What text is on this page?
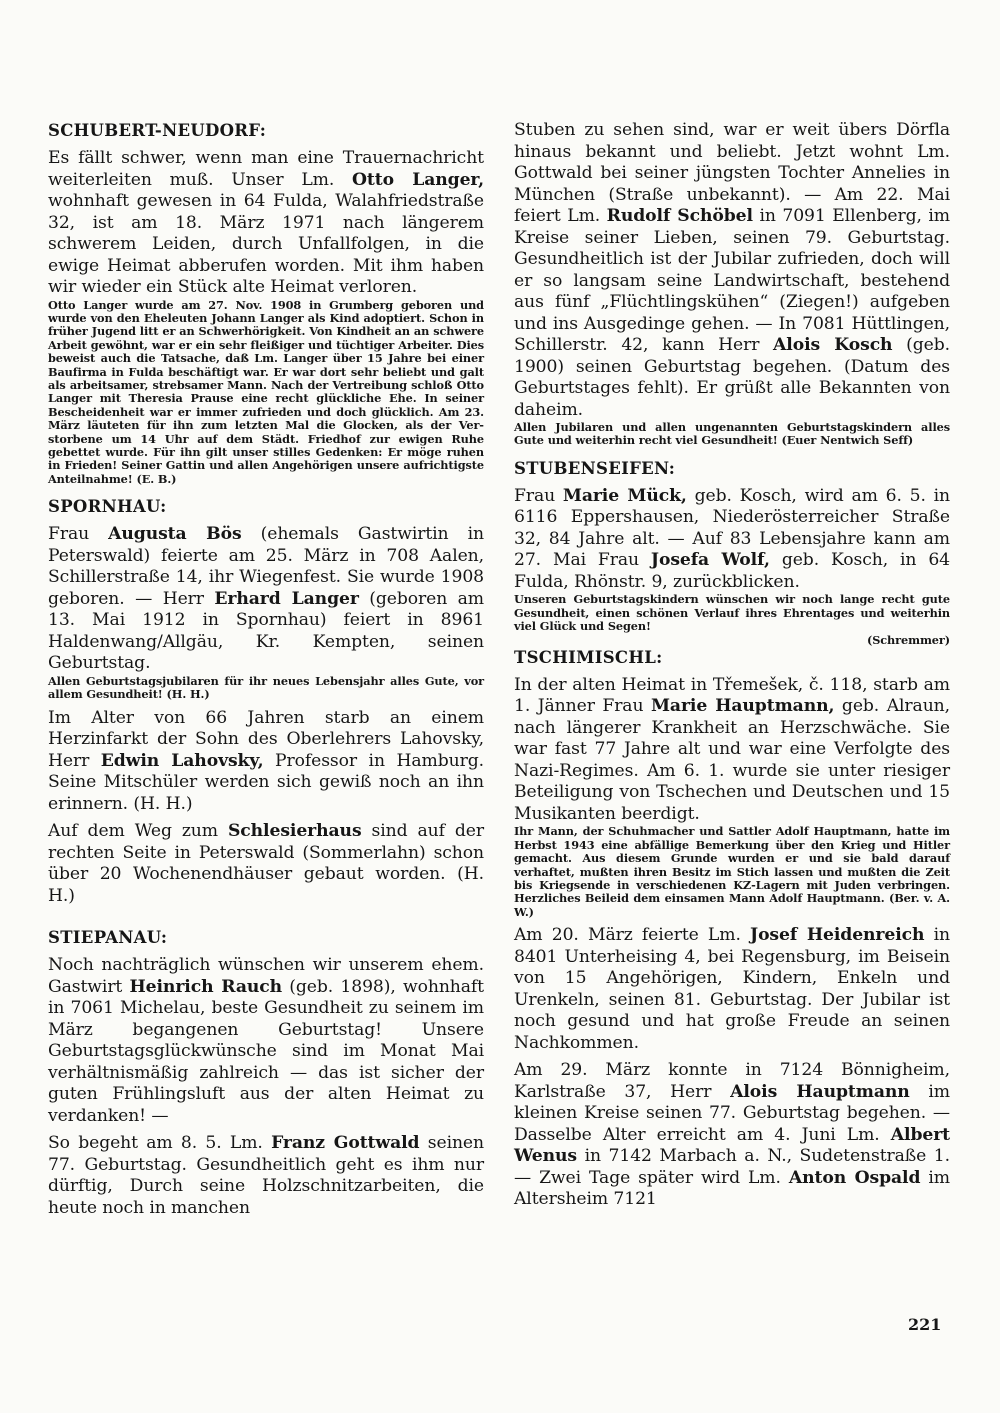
SCHUBERT-NEUDORF:

Es fällt schwer, wenn man eine Trauernachricht weiterleiten muß. Unser Lm. Otto Langer, wohnhaft gewesen in 64 Fulda, Walahfriedstraße 32, ist am 18. März 1971 nach längerem schwerem Leiden, durch Unfallfolgen, in die ewige Heimat abberufen worden. Mit ihm haben wir wieder ein Stück alte Heimat verloren.

Otto Langer wurde am 27. Nov. 1908 in Grumberg geboren und wurde von den Eheleuten Johann Langer als Kind adoptiert. Schon in früher Jugend litt er an Schwerhörigkeit. Von Kindheit an an schwere Arbeit gewöhnt, war er ein sehr fleißiger und tüchtiger Arbeiter. Dies beweist auch die Tatsache, daß Lm. Langer über 15 Jahre bei einer Baufirma in Fulda beschäftigt war. Er war dort sehr beliebt und galt als arbeitsamer, strebsamer Mann. Nach der Vertreibung schloß Otto Langer mit Theresia Prause eine recht glückliche Ehe. In seiner Bescheidenheit war er immer zufrieden und doch glücklich. Am 23. März läuteten für ihn zum letzten Mal die Glocken, als der Verstorbene um 14 Uhr auf dem Städt. Friedhof zur ewigen Ruhe gebettet wurde. Für ihn gilt unser stilles Gedenken: Er möge ruhen in Frieden! Seiner Gattin und allen Angehörigen unsere aufrichtigste Anteilnahme! (E. B.)

SPORNHAU:

Frau Augusta Bös (ehemals Gastwirtin in Peterswald) feierte am 25. März in 708 Aalen, Schillerstraße 14, ihr Wiegenfest. Sie wurde 1908 geboren. — Herr Erhard Langer (geboren am 13. Mai 1912 in Spornhau) feiert in 8961 Haldenwang/Allgäu, Kr. Kempten, seinen Geburtstag.

Allen Geburtstagsjubilaren für ihr neues Lebensjahr alles Gute, vor allem Gesundheit! (H. H.)

Im Alter von 66 Jahren starb an einem Herzinfarkt der Sohn des Oberlehrers Lahovsky, Herr Edwin Lahovsky, Professor in Hamburg. Seine Mitschüler werden sich gewiß noch an ihn erinnern. (H. H.)

Auf dem Weg zum Schlesierhaus sind auf der rechten Seite in Peterswald (Sommerlahn) schon über 20 Wochenendhäuser gebaut worden. (H. H.)

STIEPANAU:

Noch nachträglich wünschen wir unserem ehem. Gastwirt Heinrich Rauch (geb. 1898), wohnhaft in 7061 Michelau, beste Gesundheit zu seinem im März begangenen Geburtstag! Unsere Geburtstagsglückwünsche sind im Monat Mai verhältnismäßig zahlreich — das ist sicher der guten Frühlingsluft aus der alten Heimat zu verdanken! —

So begeht am 8. 5. Lm. Franz Gottwald seinen 77. Geburtstag. Gesundheitlich geht es ihm nur dürftig, Durch seine Holzschnitzarbeiten, die heute noch in manchen

Stuben zu sehen sind, war er weit übers Dörfla hinaus bekannt und beliebt. Jetzt wohnt Lm. Gottwald bei seiner jüngsten Tochter Annelies in München (Straße unbekannt). — Am 22. Mai feiert Lm. Rudolf Schöbel in 7091 Ellenberg, im Kreise seiner Lieben, seinen 79. Geburtstag. Gesundheitlich ist der Jubilar zufrieden, doch will er so langsam seine Landwirtschaft, bestehend aus fünf „Flüchtlingskühen“ (Ziegen!) aufgeben und ins Ausgedinge gehen. — In 7081 Hüttlingen, Schillerstr. 42, kann Herr Alois Kosch (geb. 1900) seinen Geburtstag begehen. (Datum des Geburtstages fehlt). Er grüßt alle Bekannten von daheim.

Allen Jubilaren und allen ungenannten Geburtstagskindern alles Gute und weiterhin recht viel Gesundheit! (Euer Nentwich Seff)

STUBENSEIFEN:

Frau Marie Mück, geb. Kosch, wird am 6. 5. in 6116 Eppershausen, Niederösterreicher Straße 32, 84 Jahre alt. — Auf 83 Lebensjahre kann am 27. Mai Frau Josefa Wolf, geb. Kosch, in 64 Fulda, Rhönstr. 9, zurückblicken.

Unseren Geburtstagskindern wünschen wir noch lange recht gute Gesundheit, einen schönen Verlauf ihres Ehrentages und weiterhin viel Glück und Segen!

(Schremmer)

TSCHIMISCHL:

In der alten Heimat in Třemešek, č. 118, starb am 1. Jänner Frau Marie Hauptmann, geb. Alraun, nach längerer Krankheit an Herzschwäche. Sie war fast 77 Jahre alt und war eine Verfolgte des Nazi-Regimes. Am 6. 1. wurde sie unter riesiger Beteiligung von Tschechen und Deutschen und 15 Musikanten beerdigt.

Ihr Mann, der Schuhmacher und Sattler Adolf Hauptmann, hatte im Herbst 1943 eine abfällige Bemerkung über den Krieg und Hitler gemacht. Aus diesem Grunde wurden er und sie bald darauf verhaftet, mußten ihren Besitz im Stich lassen und mußten die Zeit bis Kriegsende in verschiedenen KZ-Lagern mit Juden verbringen. Herzliches Beileid dem einsamen Mann Adolf Hauptmann. (Ber. v. A. W.)

Am 20. März feierte Lm. Josef Heidenreich in 8401 Unterheising 4, bei Regensburg, im Beisein von 15 Angehörigen, Kindern, Enkeln und Urenkeln, seinen 81. Geburtstag. Der Jubilar ist noch gesund und hat große Freude an seinen Nachkommen.

Am 29. März konnte in 7124 Bönnigheim, Karlstraße 37, Herr Alois Hauptmann im kleinen Kreise seinen 77. Geburtstag begehen. — Dasselbe Alter erreicht am 4. Juni Lm. Albert Wenus in 7142 Marbach a. N., Sudetenstraße 1. — Zwei Tage später wird Lm. Anton Ospald im Altersheim 7121

221
